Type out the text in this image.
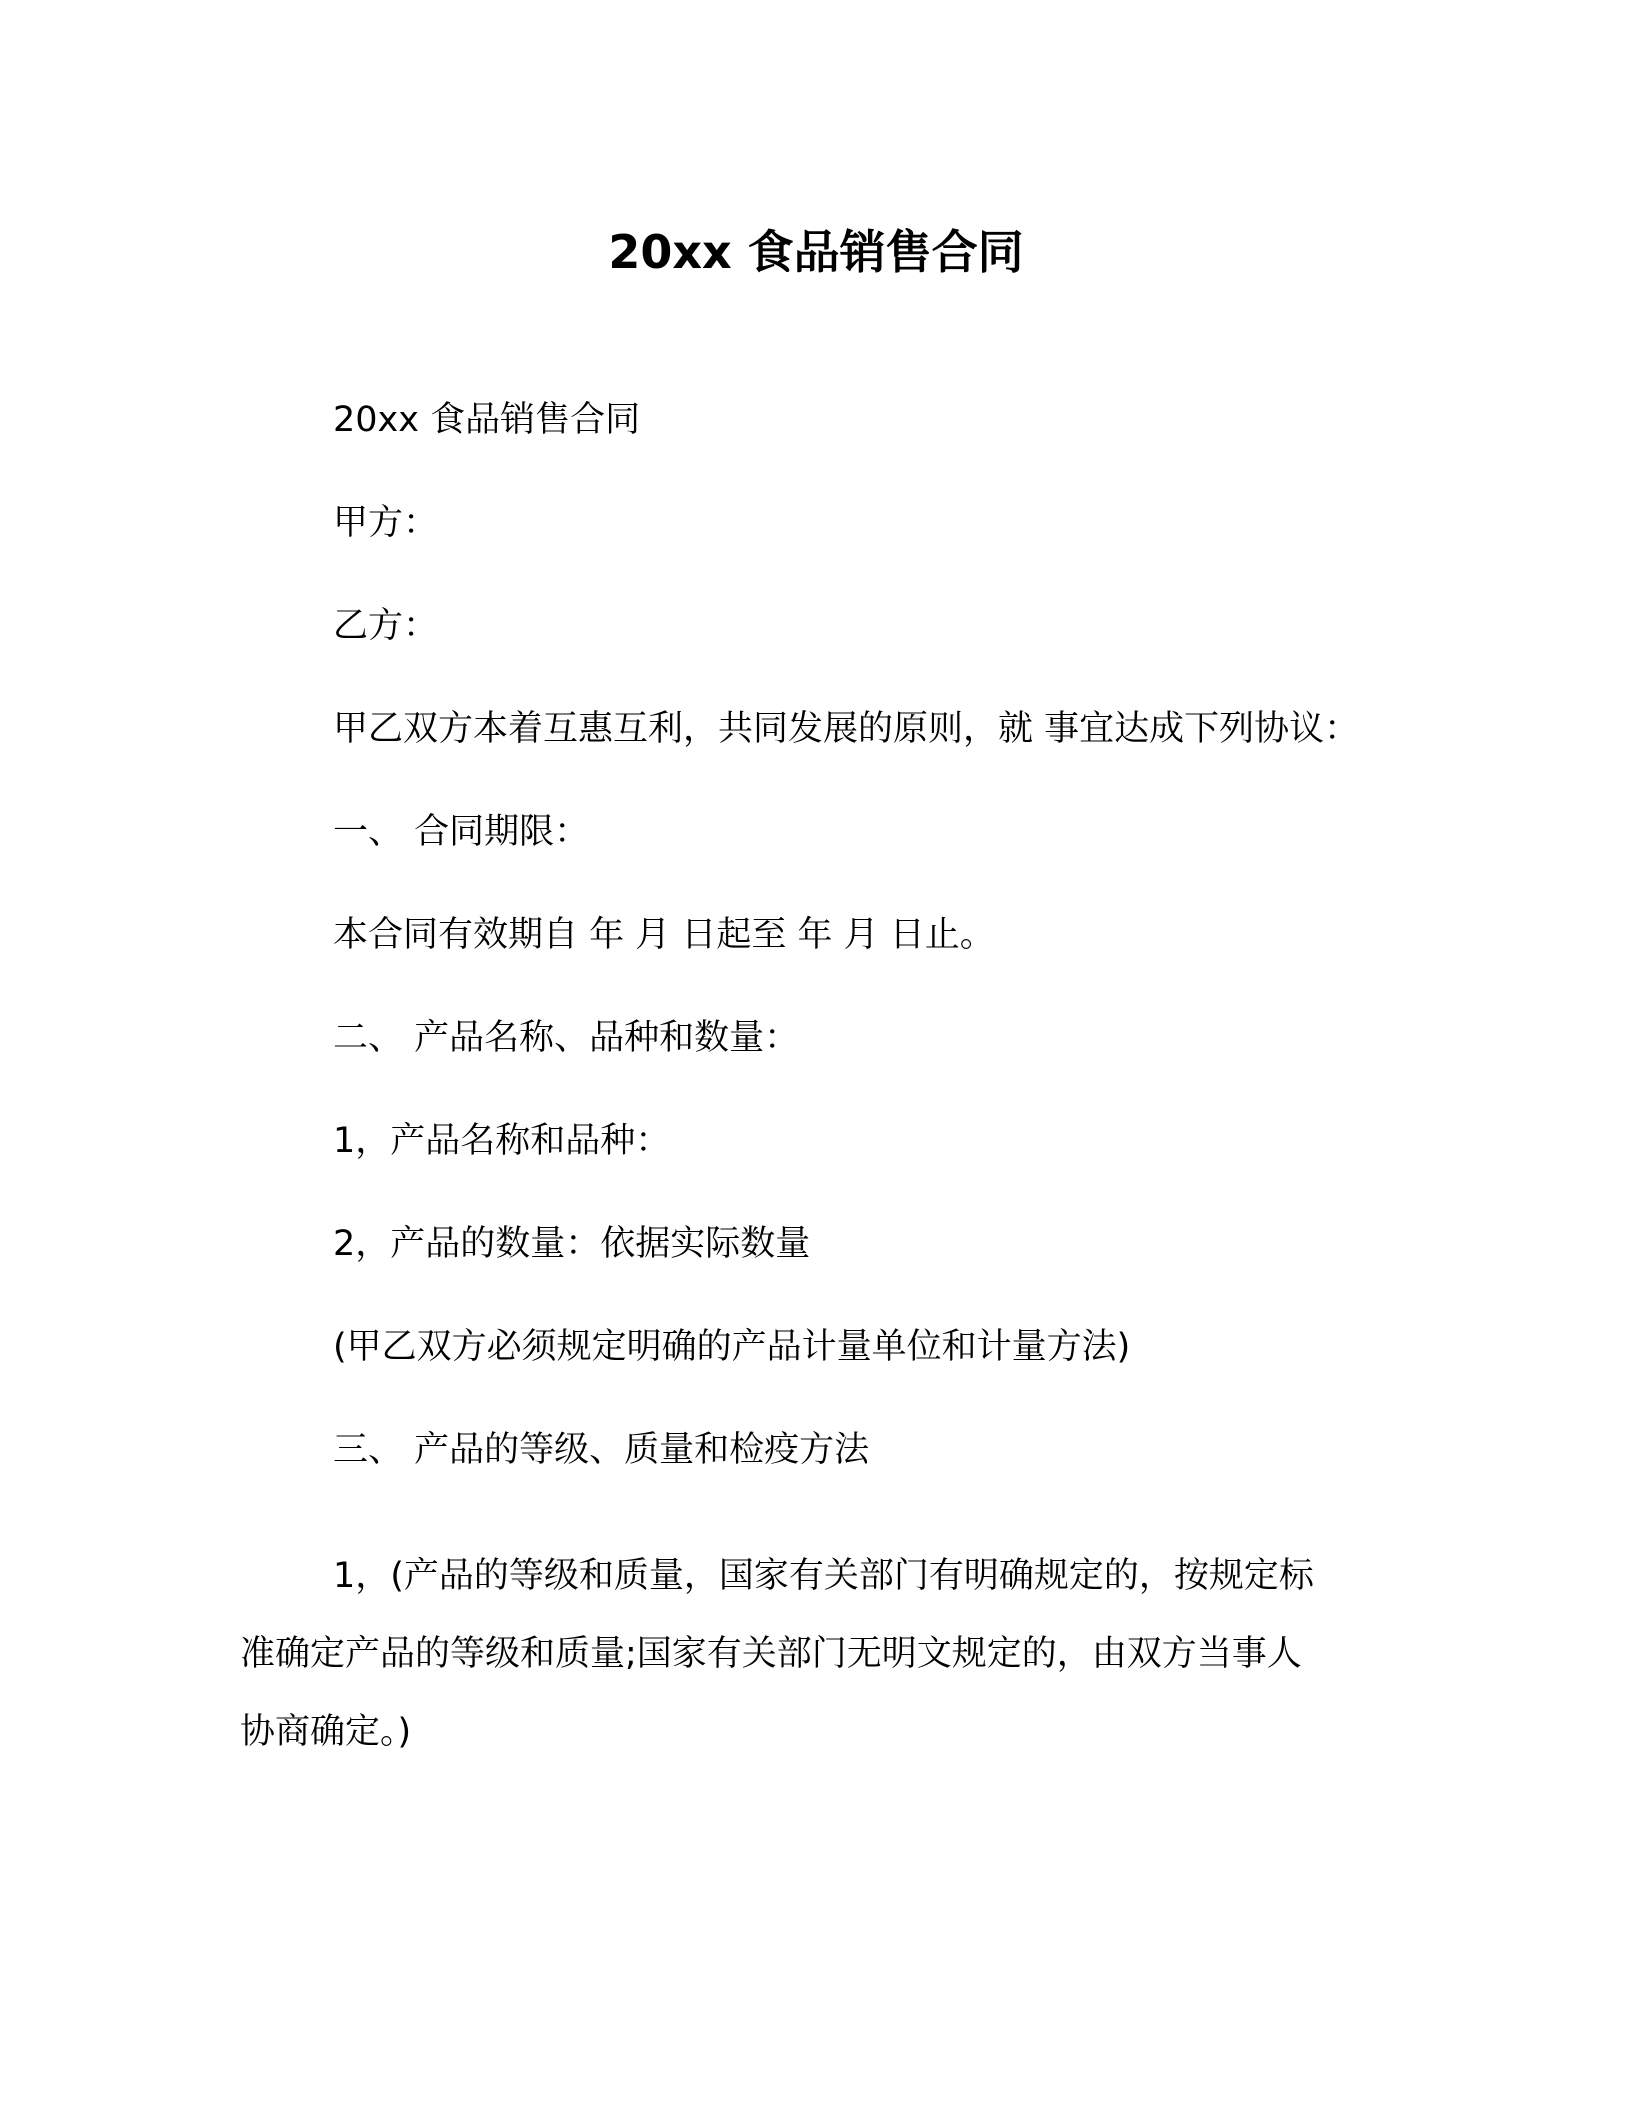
20xx 食品销售合同
20xx 食品销售合同
甲方：
乙方：
甲乙双方本着互惠互利，共同发展的原则，就 事宜达成下列协议：
一、 合同期限：
本合同有效期自 年 月 日起至 年 月 日止。
二、 产品名称、品种和数量：
1，产品名称和品种：
2，产品的数量：依据实际数量
(甲乙双方必须规定明确的产品计量单位和计量方法)
三、 产品的等级、质量和检疫方法
1，(产品的等级和质量，国家有关部门有明确规定的，按规定标
准确定产品的等级和质量;国家有关部门无明文规定的，由双方当事人
协商确定。)
